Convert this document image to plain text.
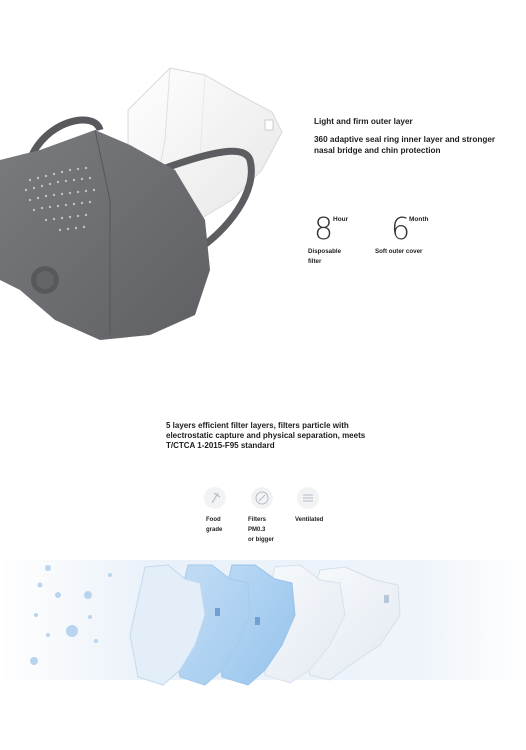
Light and firm outer layer
360 adaptive seal ring inner layer and stronger nasal bridge and chin protection
8 Hour
Disposable
filter
6
Month
Soft outer cover
5 layers efficient filter layers, filters particle with electrostatic capture and physical separation, meets T/CTCA 1-2015-F95 standard
Food
grade
Filters
PM0.3
or bigger
Ventilated
